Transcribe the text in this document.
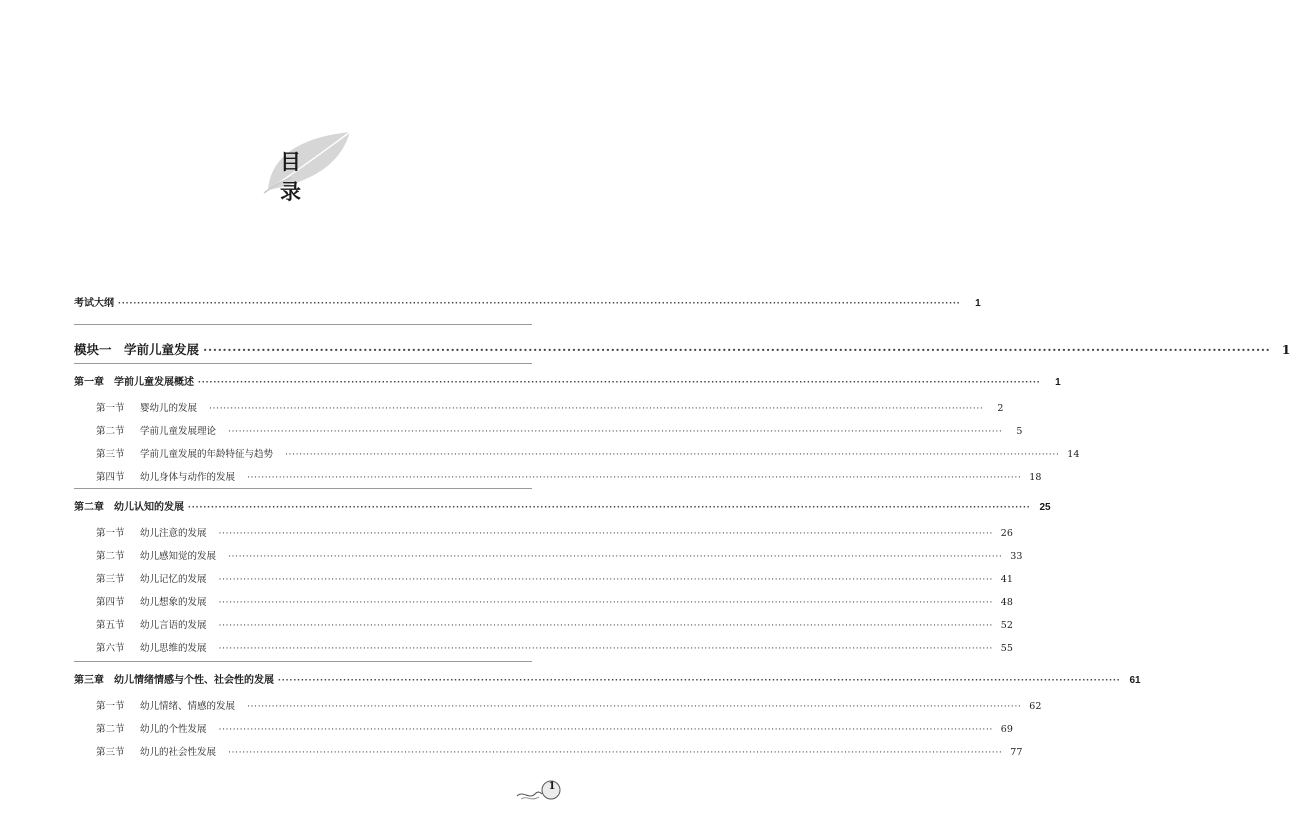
目 录
考试大纲 ····························································································································································································································	1
模块一　学前儿童发展 ···························································································································································································································· 1
第一章　学前儿童发展概述 ····························································································································································································································	1
第一节 婴幼儿的发展 ····························································································································································································································	2
第二节 学前儿童发展理论 ····························································································································································································································	5
第三节 学前儿童发展的年龄特征与趋势 ···························································································································································································································· 14
第四节 幼儿身体与动作的发展 ···························································································································································································································· 18
第二章　幼儿认知的发展 ···························································································································································································································· 25
第一节 幼儿注意的发展 ···························································································································································································································· 26
第二节 幼儿感知觉的发展 ···························································································································································································································· 33
第三节 幼儿记忆的发展 ···························································································································································································································· 41
第四节 幼儿想象的发展 ···························································································································································································································· 48
第五节 幼儿言语的发展 ···························································································································································································································· 52
第六节 幼儿思维的发展 ···························································································································································································································· 55
第三章　幼儿情绪情感与个性、社会性的发展 ···························································································································································································································· 61
第一节 幼儿情绪、情感的发展 ···························································································································································································································· 62
第二节 幼儿的个性发展 ···························································································································································································································· 69
第三节 幼儿的社会性发展 ···························································································································································································································· 77
1
